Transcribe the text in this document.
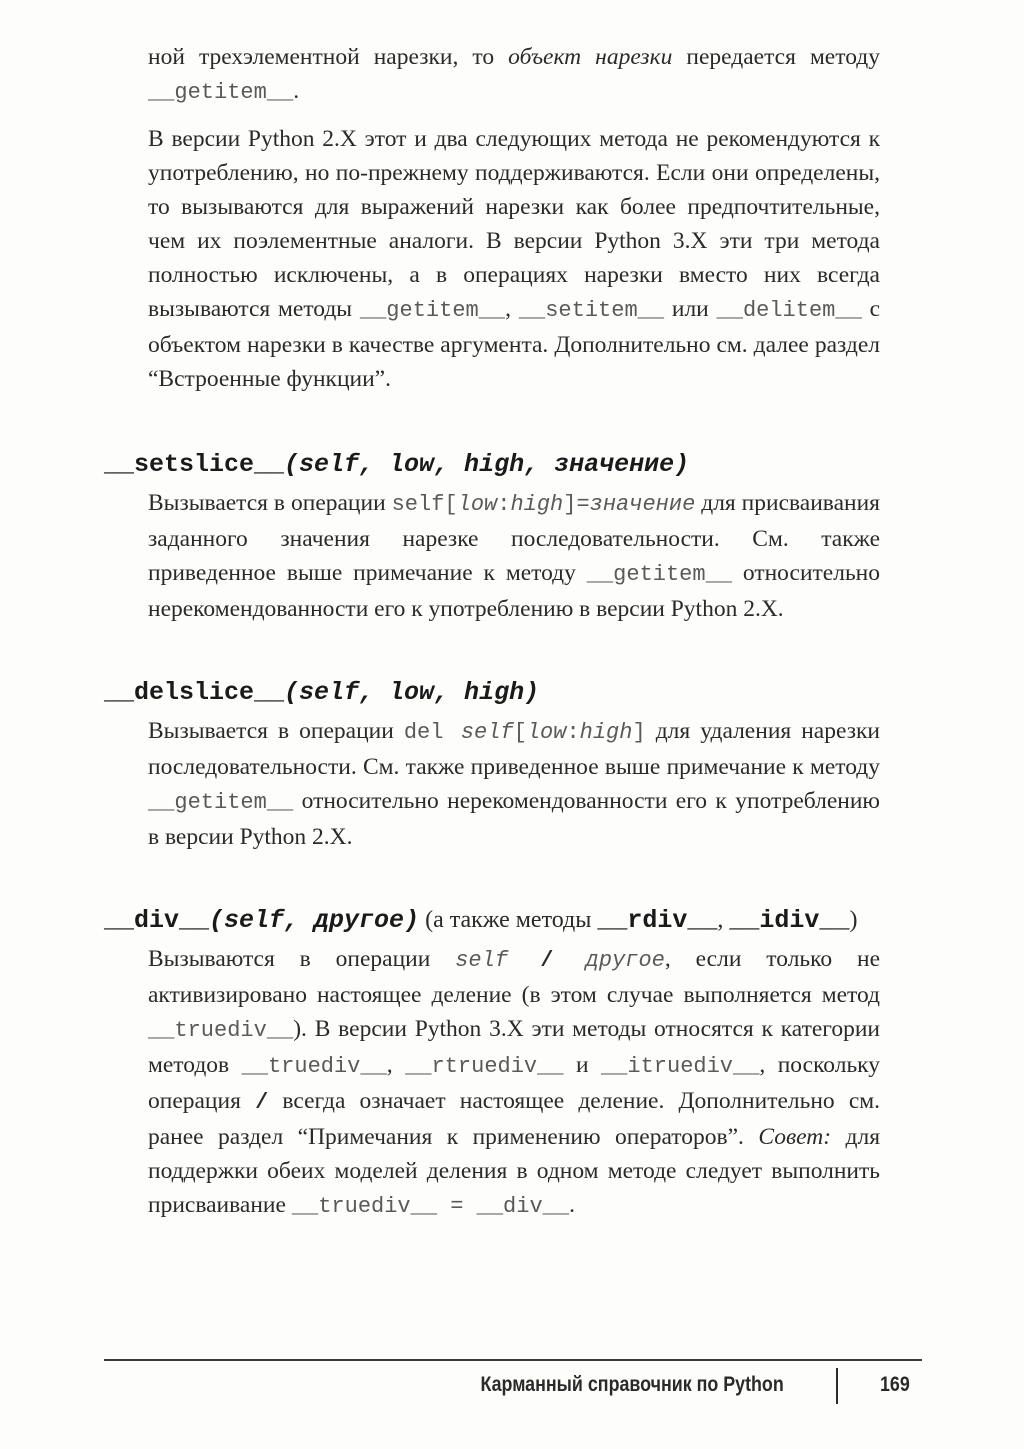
ной трехэлементной нарезки, то объект нарезки передается методу __getitem__.
В версии Python 2.X этот и два следующих метода не рекомендуются к употреблению, но по-прежнему поддерживаются. Если они определены, то вызываются для выражений нарезки как более предпочтительные, чем их поэлементные аналоги. В версии Python 3.X эти три метода полностью исключены, а в операциях нарезки вместо них всегда вызываются методы __getitem__, __setitem__ или __delitem__ с объектом нарезки в качестве аргумента. Дополнительно см. далее раздел “Встроенные функции”.
__setslice__(self, low, high, значение)
Вызывается в операции self[low:high]=значение для присваивания заданного значения нарезке последовательности. См. также приведенное выше примечание к методу __getitem__ относительно нерекомендованности его к употреблению в версии Python 2.X.
__delslice__(self, low, high)
Вызывается в операции del self[low:high] для удаления нарезки последовательности. См. также приведенное выше примечание к методу __getitem__ относительно нерекомендованности его к употреблению в версии Python 2.X.
__div__(self, другое) (а также методы __rdiv__, __idiv__)
Вызываются в операции self / другое, если только не активизировано настоящее деление (в этом случае выполняется метод __truediv__). В версии Python 3.X эти методы относятся к категории методов __truediv__, __rtruediv__ и __itruediv__, поскольку операция / всегда означает настоящее деление. Дополнительно см. ранее раздел “Примечания к применению операторов”. Совет: для поддержки обеих моделей деления в одном методе следует выполнить присваивание __truediv__ = __div__.
Карманный справочник по Python	169
